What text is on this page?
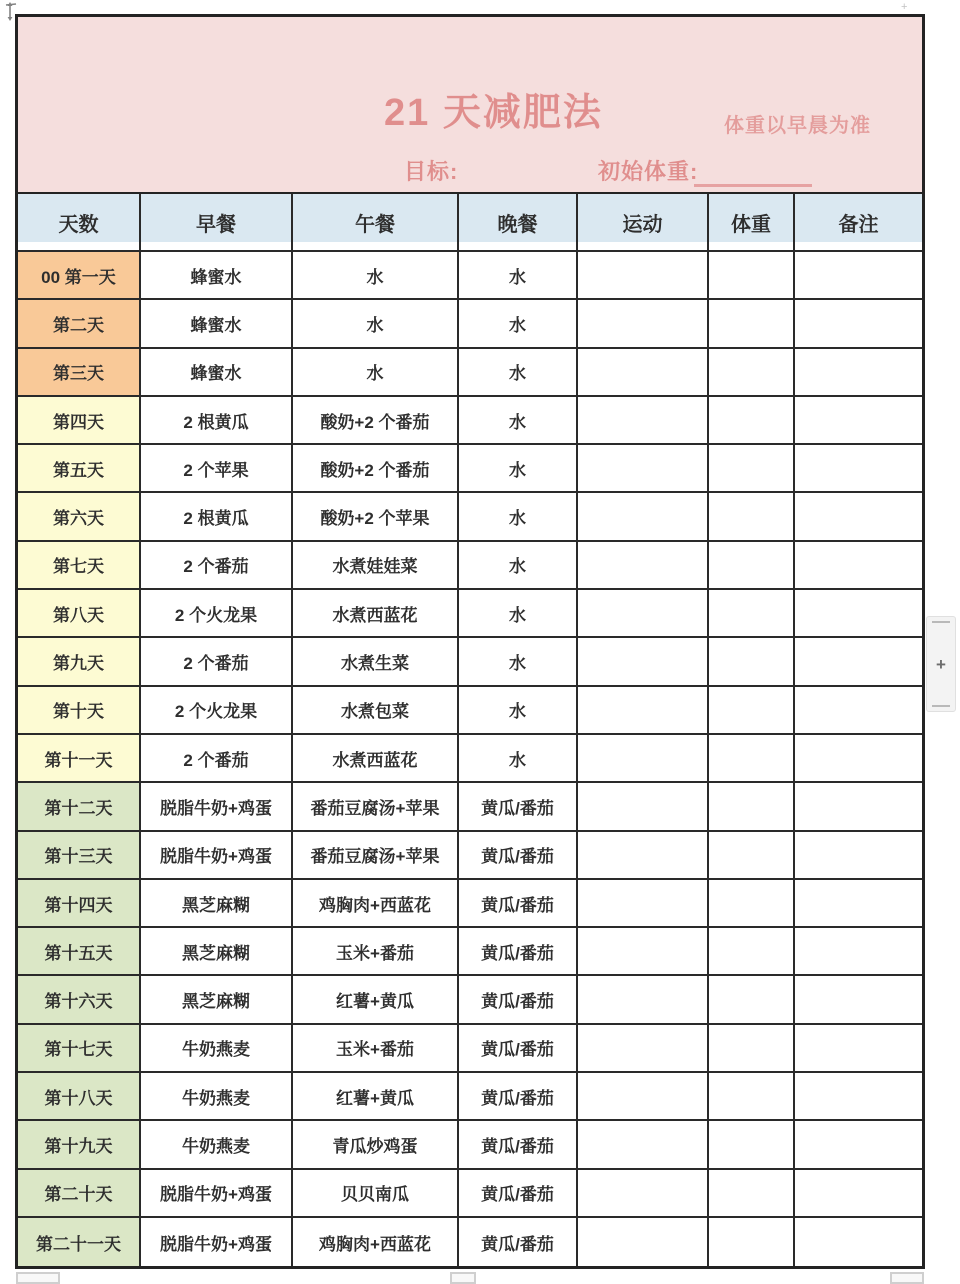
+
21 天减肥法	体重以早晨为准
目标:	初始体重:
天数	早餐	午餐	晚餐	运动	体重	备注
00 第一天	蜂蜜水	水	水
第二天	蜂蜜水	水	水
第三天	蜂蜜水	水	水
第四天	2 根黄瓜	酸奶+2 个番茄	水
第五天	2 个苹果	酸奶+2 个番茄	水
第六天	2 根黄瓜	酸奶+2 个苹果	水
第七天	2 个番茄	水煮娃娃菜	水
第八天	2 个火龙果	水煮西蓝花	水
第九天	2 个番茄	水煮生菜	水
第十天	2 个火龙果	水煮包菜	水
第十一天	2 个番茄	水煮西蓝花	水
第十二天	脱脂牛奶+鸡蛋	番茄豆腐汤+苹果	黄瓜/番茄
第十三天	脱脂牛奶+鸡蛋	番茄豆腐汤+苹果	黄瓜/番茄
第十四天	黑芝麻糊	鸡胸肉+西蓝花	黄瓜/番茄
第十五天	黑芝麻糊	玉米+番茄	黄瓜/番茄
第十六天	黑芝麻糊	红薯+黄瓜	黄瓜/番茄
第十七天	牛奶燕麦	玉米+番茄	黄瓜/番茄
第十八天	牛奶燕麦	红薯+黄瓜	黄瓜/番茄
第十九天	牛奶燕麦	青瓜炒鸡蛋	黄瓜/番茄
第二十天	脱脂牛奶+鸡蛋	贝贝南瓜	黄瓜/番茄
第二十一天	脱脂牛奶+鸡蛋	鸡胸肉+西蓝花	黄瓜/番茄
+
